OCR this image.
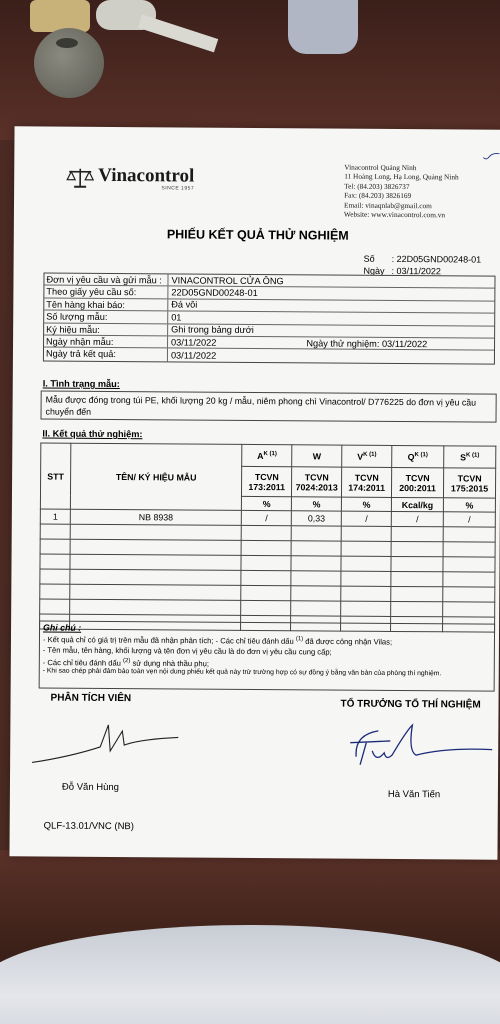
Vinacontrol
SINCE 1957
Vinacontrol Quảng Ninh
11 Hoàng Long, Hạ Long, Quảng Ninh
Tel: (84.203) 3826737
Fax: (84.203) 3826169
Email: vinaqnlab@gmail.com
Website: www.vinacontrol.com.vn
PHIẾU KẾT QUẢ THỬ NGHIỆM
Số : 22D05GND00248-01
Ngày : 03/11/2022
Đơn vị yêu cầu và gửi mẫu :	VINACONTROL CỬA ÔNG
Theo giấy yêu cầu số:	22D05GND00248-01
Tên hàng khai báo:	Đá vôi
Số lượng mẫu:	01
Ký hiệu mẫu:	Ghi trong bảng dưới
Ngày nhận mẫu:	03/11/2022	Ngày thử nghiệm: 03/11/2022
Ngày trả kết quả:	03/11/2022
I. Tình trạng mẫu:
Mẫu được đóng trong túi PE, khối lượng 20 kg / mẫu, niêm phong chì Vinacontrol/ D776225 do đơn vị yêu cầu chuyển đến
II. Kết quả thử nghiệm:
STT	TÊN/ KÝ HIỆU MẪU	$A^{K (1)}$	W	$V^{K (1)}$	$Q^{K (1)}$	$S^{K (1)}$
		TCVN 173:2011	TCVN 7024:2013	TCVN 174:2011	TCVN 200:2011	TCVN 175:2015
		%	%	%	Kcal/kg	%
1	NB 8938	/	0,33	/	/	/

Ghi chú :
- Kết quả chỉ có giá trị trên mẫu đã nhận phân tích; - Các chỉ tiêu đánh dấu $^{(1)}$ đã được công nhận Vilas;
- Tên mẫu, tên hàng, khối lượng và tên đơn vị yêu cầu là do đơn vị yêu cầu cung cấp;
- Các chỉ tiêu đánh dấu $^{(2)}$ sử dụng nhà thầu phụ;
- Khi sao chép phải đảm bảo toàn vẹn nội dung phiếu kết quả này trừ trường hợp có sự đồng ý bằng văn bản của phòng thí nghiệm.
PHÂN TÍCH VIÊN
TỔ TRƯỞNG TỔ THÍ NGHIỆM
Đỗ Văn Hùng
Hà Văn Tiến
QLF-13.01/VNC (NB)
